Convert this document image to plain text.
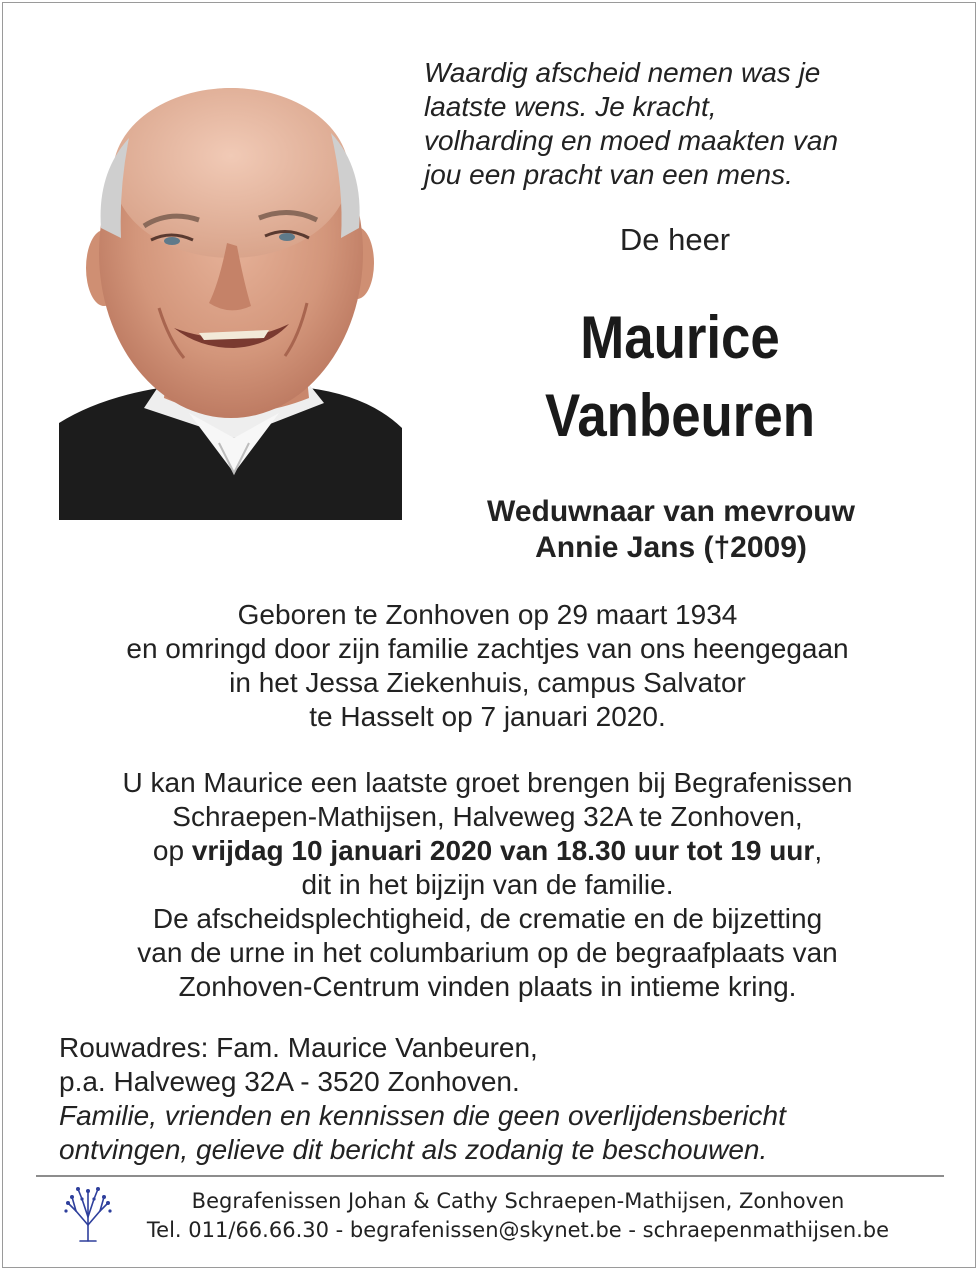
Waardig afscheid nemen was je
laatste wens. Je kracht,
volharding en moed maakten van
jou een pracht van een mens.
De heer
Maurice
Vanbeuren
Weduwnaar van mevrouw
Annie Jans (†2009)
Geboren te Zonhoven op 29 maart 1934
en omringd door zijn familie zachtjes van ons heengegaan
in het Jessa Ziekenhuis, campus Salvator
te Hasselt op 7 januari 2020.
U kan Maurice een laatste groet brengen bij Begrafenissen
Schraepen-Mathijsen, Halveweg 32A te Zonhoven,
op vrijdag 10 januari 2020 van 18.30 uur tot 19 uur,
dit in het bijzijn van de familie.
De afscheidsplechtigheid, de crematie en de bijzetting
van de urne in het columbarium op de begraafplaats van
Zonhoven-Centrum vinden plaats in intieme kring.
Rouwadres: Fam. Maurice Vanbeuren,
p.a. Halveweg 32A - 3520 Zonhoven.
Familie, vrienden en kennissen die geen overlijdensbericht
ontvingen, gelieve dit bericht als zodanig te beschouwen.
Begrafenissen Johan & Cathy Schraepen-Mathijsen, Zonhoven
Tel. 011/66.66.30 - begrafenissen@skynet.be - schraepenmathijsen.be
